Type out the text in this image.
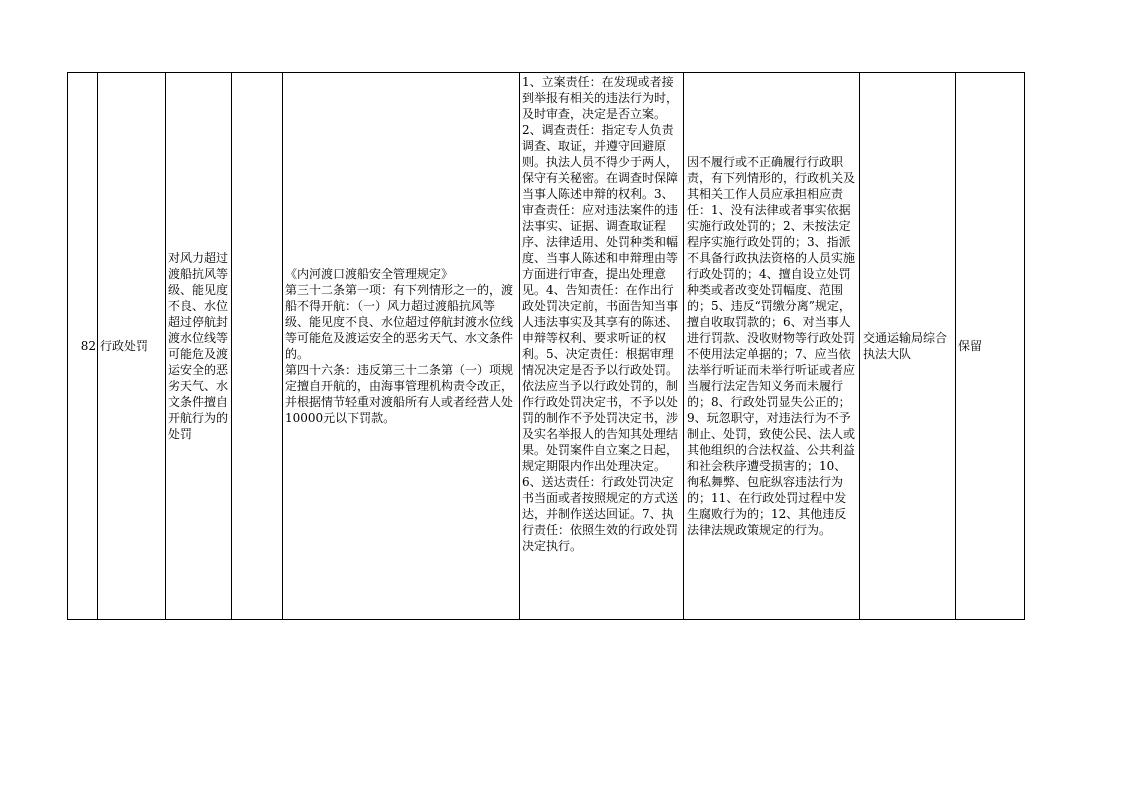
82 行政处罚
对风力超过渡船抗风等级、能见度不良、水位超过停航封渡水位线等可能危及渡运安全的恶劣天气、水文条件擅自开航行为的处罚
《内河渡口渡船安全管理规定》
第三十二条第一项：有下列情形之一的，渡船不得开航：（一）风力超过渡船抗风等级、能见度不良、水位超过停航封渡水位线等可能危及渡运安全的恶劣天气、水文条件的。
第四十六条：违反第三十二条第（一）项规定擅自开航的，由海事管理机构责令改正，并根据情节轻重对渡船所有人或者经营人处10000元以下罚款。
1、立案责任：在发现或者接到举报有相关的违法行为时，及时审查，决定是否立案。2、调查责任：指定专人负责调查、取证，并遵守回避原则。执法人员不得少于两人，保守有关秘密。在调查时保障当事人陈述申辩的权利。3、审查责任：应对违法案件的违法事实、证据、调查取证程序、法律适用、处罚种类和幅度、当事人陈述和申辩理由等方面进行审查，提出处理意见。4、告知责任：在作出行政处罚决定前，书面告知当事人违法事实及其享有的陈述、申辩等权利、要求听证的权利。5、决定责任：根据审理情况决定是否予以行政处罚。依法应当予以行政处罚的，制作行政处罚决定书，不予以处罚的制作不予处罚决定书，涉及实名举报人的告知其处理结果。处罚案件自立案之日起，规定期限内作出处理决定。
6、送达责任：行政处罚决定书当面或者按照规定的方式送达，并制作送达回证。7、执行责任：依照生效的行政处罚决定执行。
因不履行或不正确履行行政职责，有下列情形的，行政机关及其相关工作人员应承担相应责任：1、没有法律或者事实依据实施行政处罚的；2、未按法定程序实施行政处罚的；3、指派不具备行政执法资格的人员实施行政处罚的；4、擅自设立处罚种类或者改变处罚幅度、范围的；5、违反“罚缴分离”规定，擅自收取罚款的；6、对当事人进行罚款、没收财物等行政处罚不使用法定单据的；7、应当依法举行听证而未举行听证或者应当履行法定告知义务而未履行的；8、行政处罚显失公正的；9、玩忽职守，对违法行为不予制止、处罚，致使公民、法人或其他组织的合法权益、公共利益和社会秩序遭受损害的；10、徇私舞弊、包庇纵容违法行为的；11、在行政处罚过程中发生腐败行为的；12、其他违反法律法规政策规定的行为。
交通运输局综合执法大队
保留
